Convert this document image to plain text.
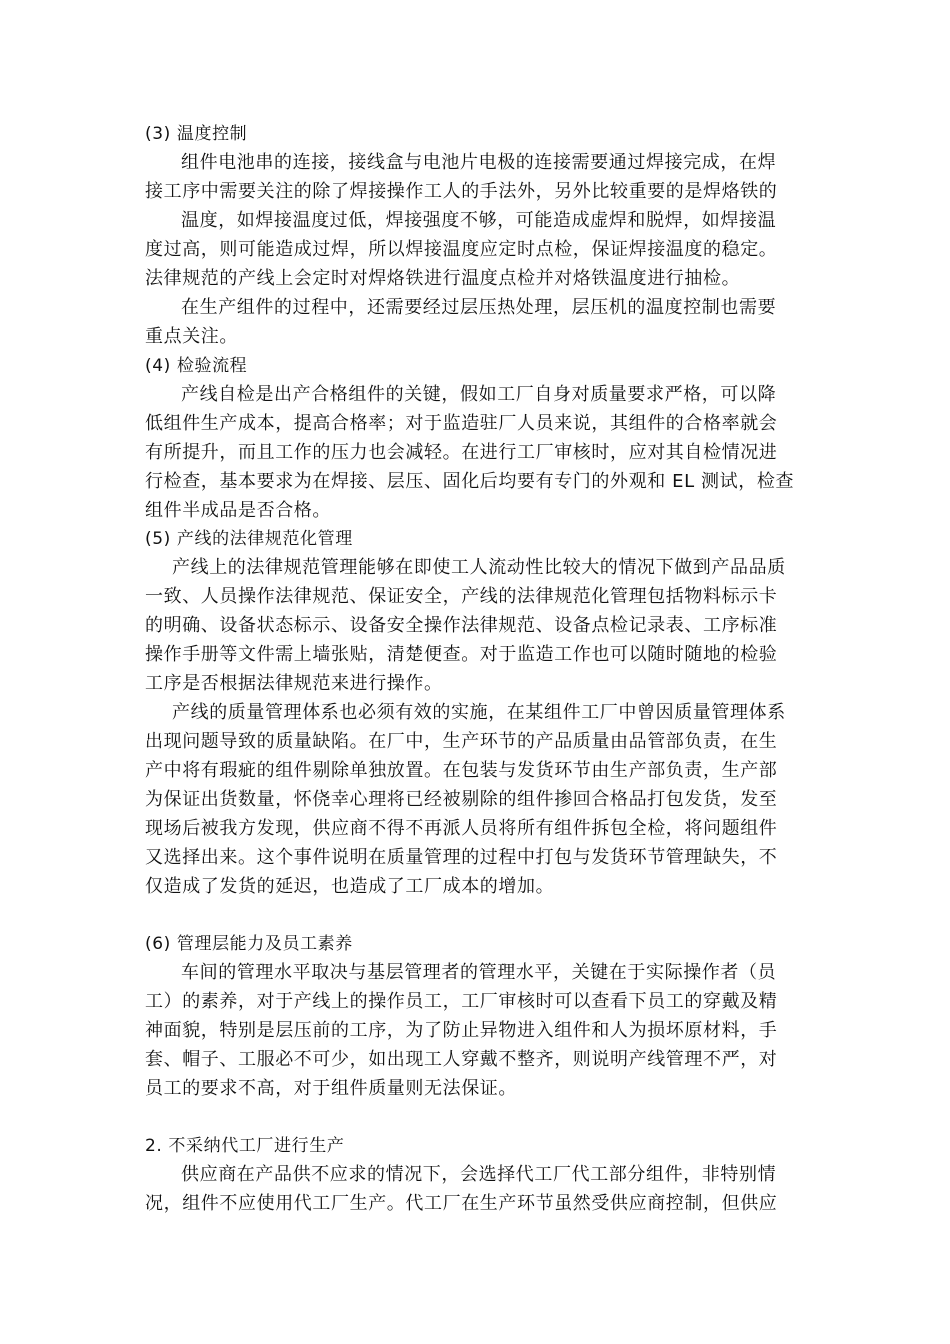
(3) 温度控制
组件电池串的连接，接线盒与电池片电极的连接需要通过焊接完成，在焊
接工序中需要关注的除了焊接操作工人的手法外，另外比较重要的是焊烙铁的
温度，如焊接温度过低，焊接强度不够，可能造成虚焊和脱焊，如焊接温
度过高，则可能造成过焊，所以焊接温度应定时点检，保证焊接温度的稳定。
法律规范的产线上会定时对焊烙铁进行温度点检并对烙铁温度进行抽检。
在生产组件的过程中，还需要经过层压热处理，层压机的温度控制也需要
重点关注。
(4) 检验流程
产线自检是出产合格组件的关键，假如工厂自身对质量要求严格，可以降
低组件生产成本，提高合格率；对于监造驻厂人员来说，其组件的合格率就会
有所提升，而且工作的压力也会减轻。在进行工厂审核时，应对其自检情况进
行检查，基本要求为在焊接、层压、固化后均要有专门的外观和 EL 测试，检查
组件半成品是否合格。
(5) 产线的法律规范化管理
产线上的法律规范管理能够在即使工人流动性比较大的情况下做到产品品质
一致、人员操作法律规范、保证安全，产线的法律规范化管理包括物料标示卡
的明确、设备状态标示、设备安全操作法律规范、设备点检记录表、工序标准
操作手册等文件需上墙张贴，清楚便查。对于监造工作也可以随时随地的检验
工序是否根据法律规范来进行操作。
产线的质量管理体系也必须有效的实施，在某组件工厂中曾因质量管理体系
出现问题导致的质量缺陷。在厂中，生产环节的产品质量由品管部负责，在生
产中将有瑕疵的组件剔除单独放置。在包装与发货环节由生产部负责，生产部
为保证出货数量，怀侥幸心理将已经被剔除的组件掺回合格品打包发货，发至
现场后被我方发现，供应商不得不再派人员将所有组件拆包全检，将问题组件
又选择出来。这个事件说明在质量管理的过程中打包与发货环节管理缺失，不
仅造成了发货的延迟，也造成了工厂成本的增加。
(6) 管理层能力及员工素养
车间的管理水平取决与基层管理者的管理水平，关键在于实际操作者（员
工）的素养，对于产线上的操作员工，工厂审核时可以查看下员工的穿戴及精
神面貌，特别是层压前的工序，为了防止异物进入组件和人为损坏原材料，手
套、帽子、工服必不可少，如出现工人穿戴不整齐，则说明产线管理不严，对
员工的要求不高，对于组件质量则无法保证。
2. 不采纳代工厂进行生产
供应商在产品供不应求的情况下，会选择代工厂代工部分组件，非特别情
况，组件不应使用代工厂生产。代工厂在生产环节虽然受供应商控制，但供应
